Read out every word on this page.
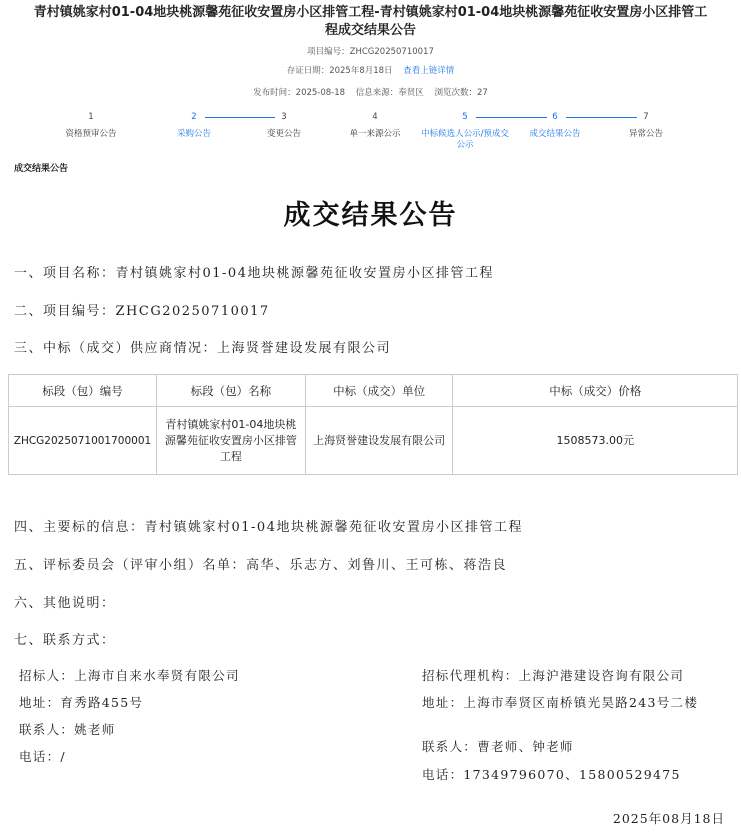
青村镇姚家村01-04地块桃源馨苑征收安置房小区排管工程-青村镇姚家村01-04地块桃源馨苑征收安置房小区排管工程成交结果公告
项目编号：ZHCG20250710017
存证日期：2025年8月18日 查看上链详情
发布时间：2025-08-18 信息来源：奉贤区 浏览次数：27
1
资格预审公告
2
采购公告
3
变更公告
4
单一来源公示
5
中标候选人公示/预成交公示
6
成交结果公告
7
异常公告
成交结果公告
成交结果公告
一、项目名称：青村镇姚家村01-04地块桃源馨苑征收安置房小区排管工程
二、项目编号：ZHCG20250710017
三、中标（成交）供应商情况：上海贤誉建设发展有限公司
标段（包）编号	标段（包）名称	中标（成交）单位	中标（成交）价格
ZHCG2025071001700001	青村镇姚家村01-04地块桃源馨苑征收安置房小区排管工程	上海贤誉建设发展有限公司	1508573.00元
四、主要标的信息：青村镇姚家村01-04地块桃源馨苑征收安置房小区排管工程
五、评标委员会（评审小组）名单：高华、乐志方、刘鲁川、王可栋、蒋浩良
六、其他说明：
七、联系方式：
招标人：上海市自来水奉贤有限公司
地址：育秀路455号
联系人：姚老师
电话：/
招标代理机构：上海沪港建设咨询有限公司
地址：上海市奉贤区南桥镇光昊路243号二楼
联系人：曹老师、钟老师
电话：17349796070、15800529475
2025年08月18日
